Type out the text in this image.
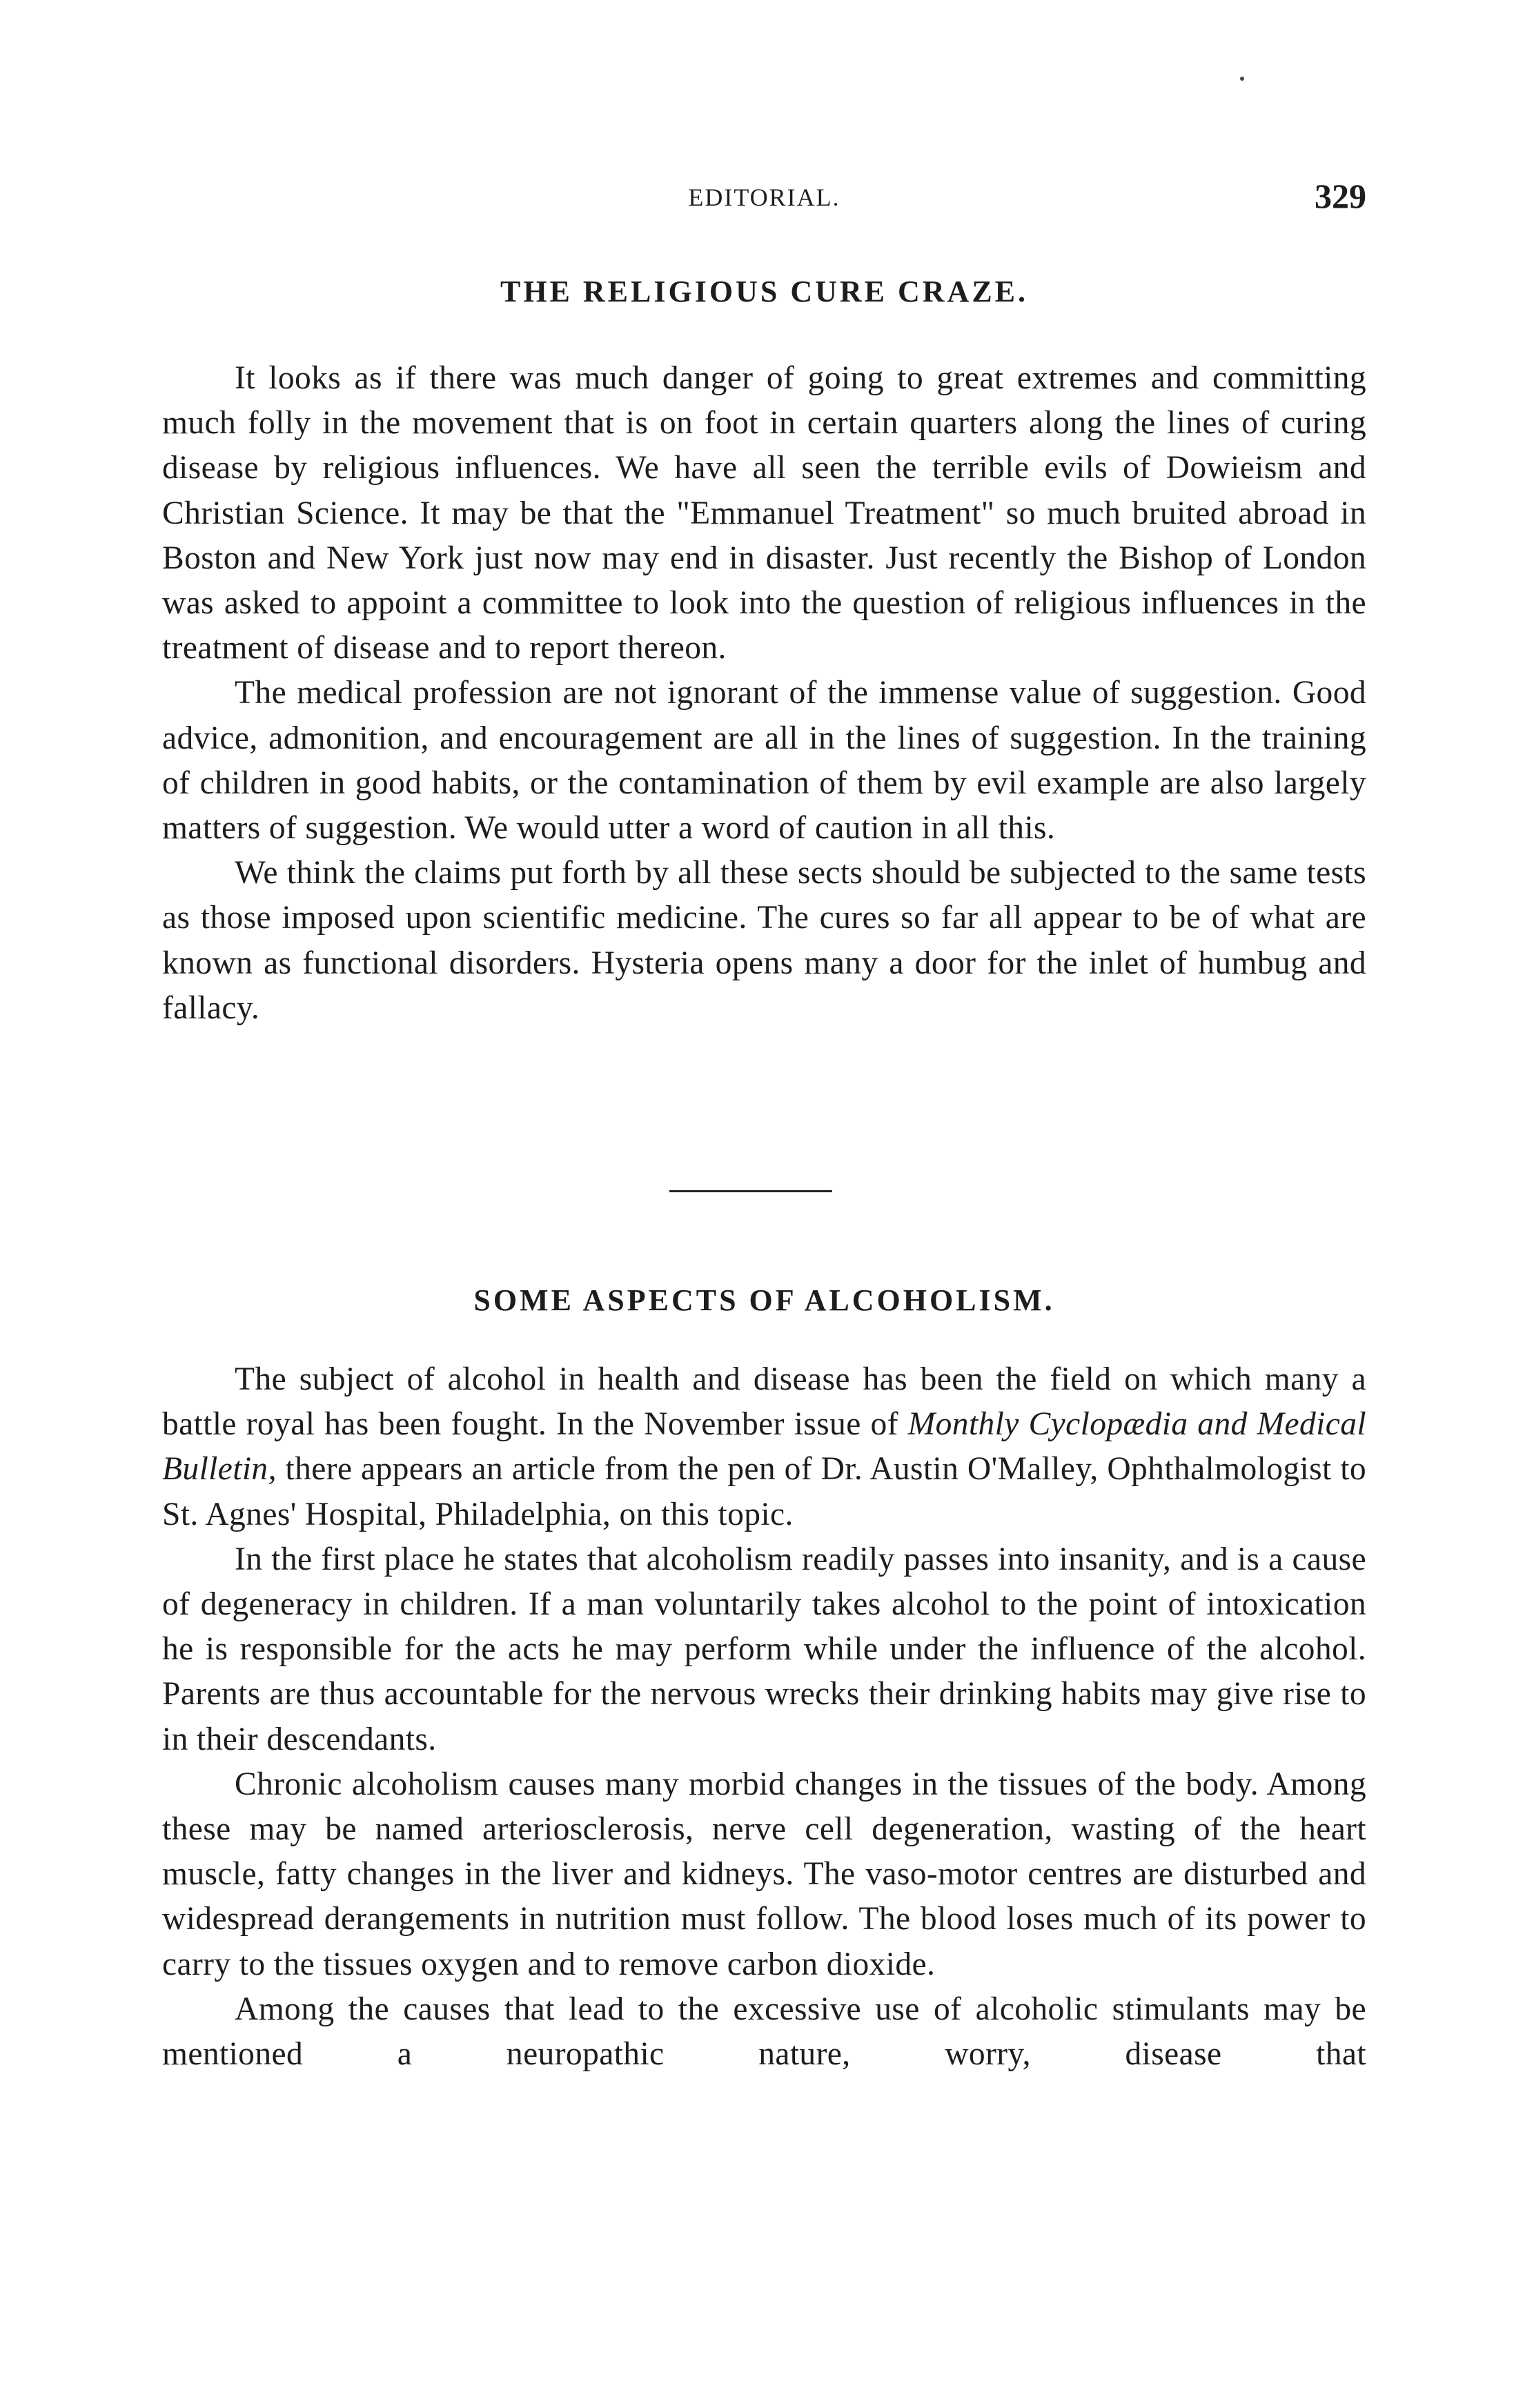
EDITORIAL.	329
THE RELIGIOUS CURE CRAZE.

It looks as if there was much danger of going to great extremes and committing much folly in the movement that is on foot in certain quarters along the lines of curing disease by religious influences. We have all seen the terrible evils of Dowieism and Christian Science. It may be that the "Emmanuel Treatment" so much bruited abroad in Boston and New York just now may end in disaster. Just recently the Bishop of London was asked to appoint a committee to look into the question of religious influences in the treatment of disease and to report thereon.

The medical profession are not ignorant of the immense value of suggestion. Good advice, admonition, and encouragement are all in the lines of suggestion. In the training of children in good habits, or the contamination of them by evil example are also largely matters of suggestion. We would utter a word of caution in all this.

We think the claims put forth by all these sects should be subjected to the same tests as those imposed upon scientific medicine. The cures so far all appear to be of what are known as functional disorders. Hysteria opens many a door for the inlet of humbug and fallacy.

SOME ASPECTS OF ALCOHOLISM.

The subject of alcohol in health and disease has been the field on which many a battle royal has been fought. In the November issue of Monthly Cyclopædia and Medical Bulletin, there appears an article from the pen of Dr. Austin O'Malley, Ophthalmologist to St. Agnes' Hospital, Philadelphia, on this topic.

In the first place he states that alcoholism readily passes into insanity, and is a cause of degeneracy in children. If a man voluntarily takes alcohol to the point of intoxication he is responsible for the acts he may perform while under the influence of the alcohol. Parents are thus accountable for the nervous wrecks their drinking habits may give rise to in their descendants.

Chronic alcoholism causes many morbid changes in the tissues of the body. Among these may be named arteriosclerosis, nerve cell degeneration, wasting of the heart muscle, fatty changes in the liver and kidneys. The vaso-motor centres are disturbed and widespread derangements in nutrition must follow. The blood loses much of its power to carry to the tissues oxygen and to remove carbon dioxide.

Among the causes that lead to the excessive use of alcoholic stimulants may be mentioned a neuropathic nature, worry, disease that
